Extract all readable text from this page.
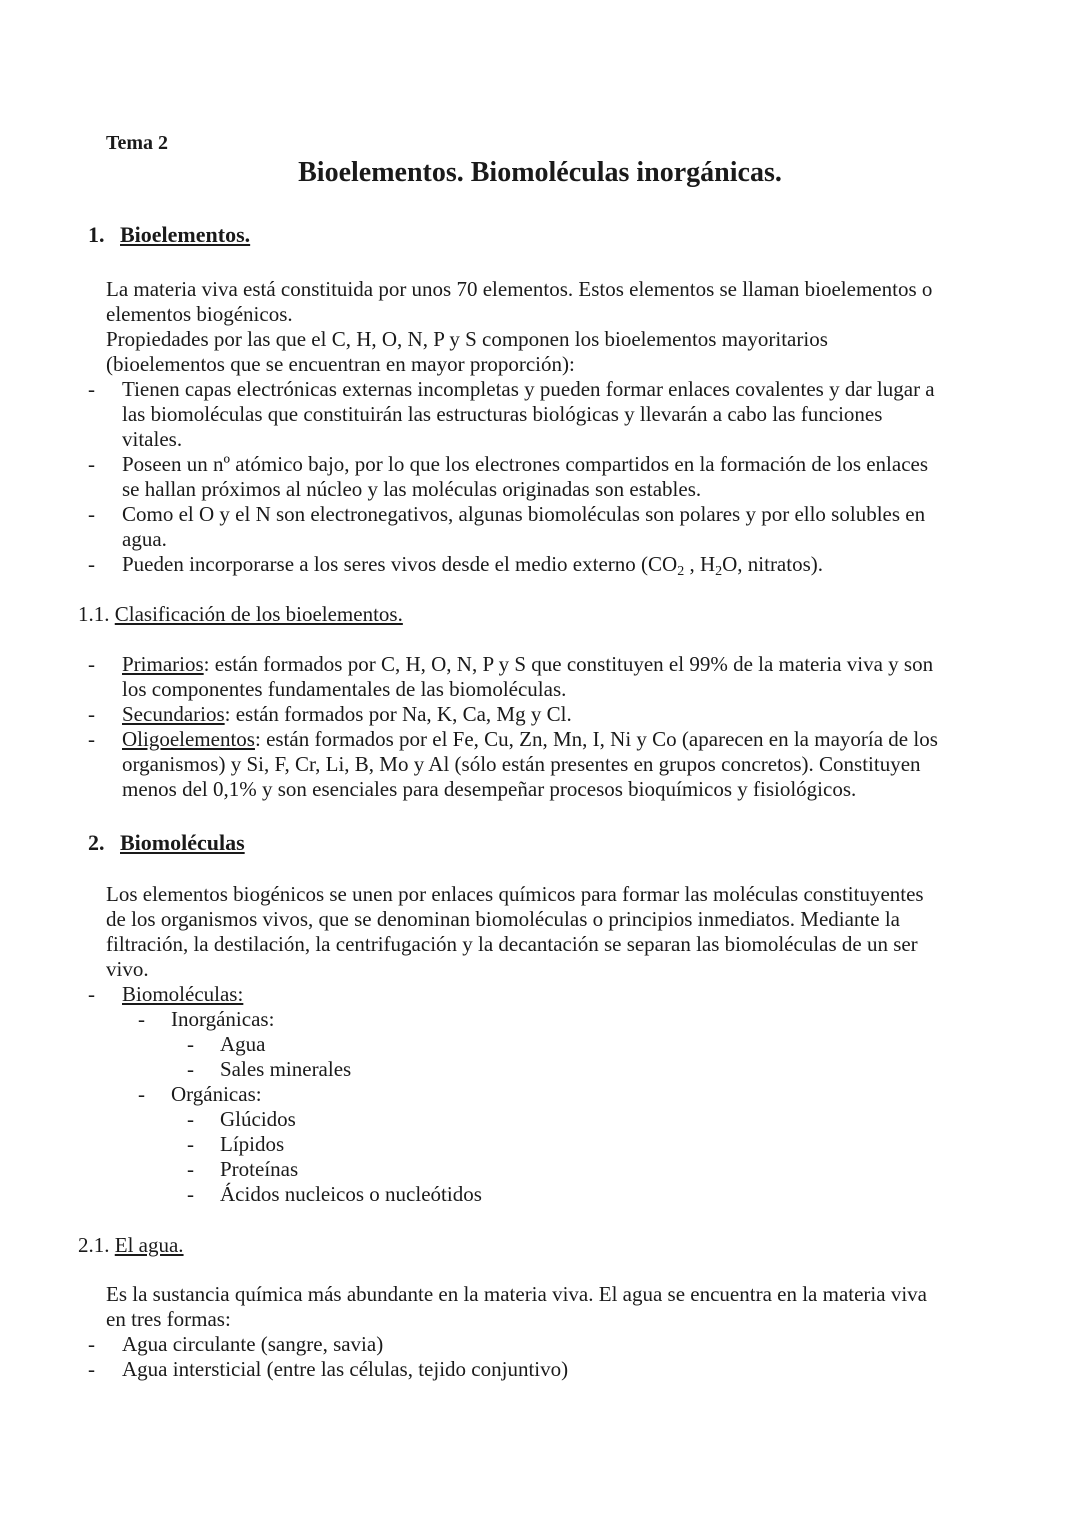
Tema 2
Bioelementos. Biomoléculas inorgánicas.
1. Bioelementos.
La materia viva está constituida por unos 70 elementos. Estos elementos se llaman bioelementos o
elementos biogénicos.
Propiedades por las que el C, H, O, N, P y S componen los bioelementos mayoritarios
(bioelementos que se encuentran en mayor proporción):
- Tienen capas electrónicas externas incompletas y pueden formar enlaces covalentes y dar lugar a
las biomoléculas que constituirán las estructuras biológicas y llevarán a cabo las funciones
vitales.
- Poseen un nº atómico bajo, por lo que los electrones compartidos en la formación de los enlaces
se hallan próximos al núcleo y las moléculas originadas son estables.
- Como el O y el N son electronegativos, algunas biomoléculas son polares y por ello solubles en
agua.
- Pueden incorporarse a los seres vivos desde el medio externo ($CO_2$ , $H_2O$, nitratos).
1.1. Clasificación de los bioelementos.
- Primarios: están formados por C, H, O, N, P y S que constituyen el 99% de la materia viva y son
los componentes fundamentales de las biomoléculas.
- Secundarios: están formados por Na, K, Ca, Mg y Cl.
- Oligoelementos: están formados por el Fe, Cu, Zn, Mn, I, Ni y Co (aparecen en la mayoría de los
organismos) y Si, F, Cr, Li, B, Mo y Al (sólo están presentes en grupos concretos). Constituyen
menos del 0,1% y son esenciales para desempeñar procesos bioquímicos y fisiológicos.
2. Biomoléculas
Los elementos biogénicos se unen por enlaces químicos para formar las moléculas constituyentes
de los organismos vivos, que se denominan biomoléculas o principios inmediatos. Mediante la
filtración, la destilación, la centrifugación y la decantación se separan las biomoléculas de un ser
vivo.
- Biomoléculas:
- Inorgánicas:
- Agua
- Sales minerales
- Orgánicas:
- Glúcidos
- Lípidos
- Proteínas
- Ácidos nucleicos o nucleótidos
2.1. El agua.
Es la sustancia química más abundante en la materia viva. El agua se encuentra en la materia viva
en tres formas:
- Agua circulante (sangre, savia)
- Agua intersticial (entre las células, tejido conjuntivo)
